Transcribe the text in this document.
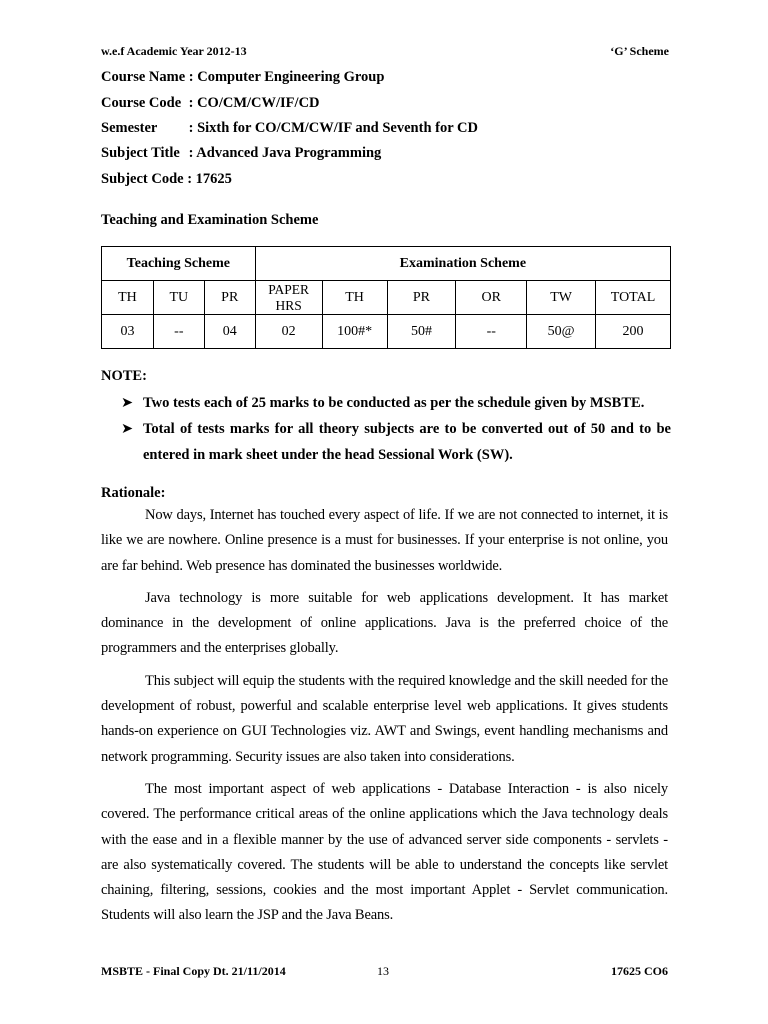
w.e.f Academic Year 2012-13	‘G’ Scheme
Course Name : Computer Engineering Group
Course Code : CO/CM/CW/IF/CD
Semester : Sixth for CO/CM/CW/IF and Seventh for CD
Subject Title : Advanced Java Programming
Subject Code : 17625
Teaching and Examination Scheme
Teaching Scheme			Examination Scheme					
TH	TU	PR	PAPER HRS	TH	PR	OR	TW	TOTAL
03	--	04	02	100#*	50#	--	50@	200
NOTE:
➤ Two tests each of 25 marks to be conducted as per the schedule given by MSBTE.
➤ Total of tests marks for all theory subjects are to be converted out of 50 and to be entered in mark sheet under the head Sessional Work (SW).
Rationale:

Now days, Internet has touched every aspect of life. If we are not connected to internet, it is like we are nowhere. Online presence is a must for businesses. If your enterprise is not online, you are far behind. Web presence has dominated the businesses worldwide.

Java technology is more suitable for web applications development. It has market dominance in the development of online applications. Java is the preferred choice of the programmers and the enterprises globally.

This subject will equip the students with the required knowledge and the skill needed for the development of robust, powerful and scalable enterprise level web applications. It gives students hands-on experience on GUI Technologies viz. AWT and Swings, event handling mechanisms and network programming. Security issues are also taken into considerations.

The most important aspect of web applications - Database Interaction - is also nicely covered. The performance critical areas of the online applications which the Java technology deals with the ease and in a flexible manner by the use of advanced server side components - servlets - are also systematically covered. The students will be able to understand the concepts like servlet chaining, filtering, sessions, cookies and the most important Applet - Servlet communication. Students will also learn the JSP and the Java Beans.

MSBTE - Final Copy Dt. 21/11/2014	13	17625 CO6
